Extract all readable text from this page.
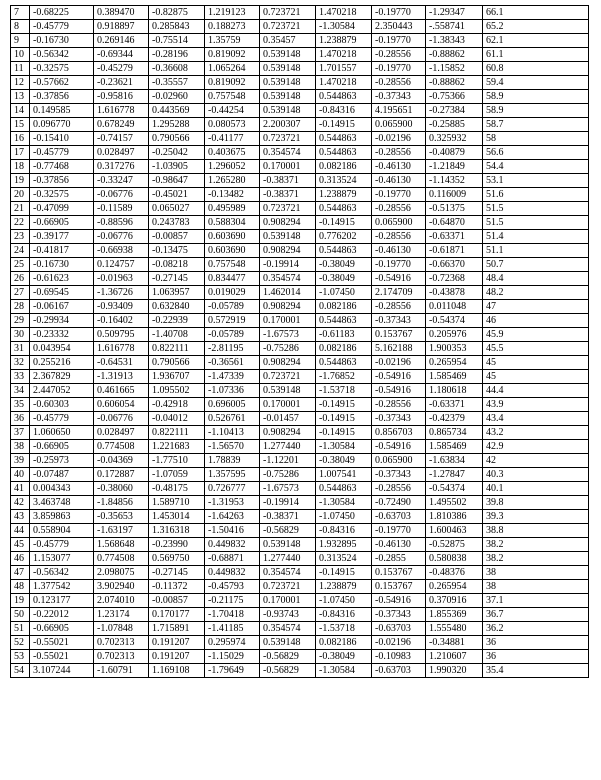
7	-0.68225	0.389470	-0.82875	1.219123	0.723721	1.470218	-0.19770	-1.29347	66.1
8	-0.45779	0.918897	0.285843	0.188273	0.723721	-1.30584	2.350443	-.558741	65.2
9	-0.16730	0.269146	-0.75514	1.35759	0.35457	1.238879	-0.19770	-1.38343	62.1
10	-0.56342	-0.69344	-0.28196	0.819092	0.539148	1.470218	-0.28556	-0.88862	61.1
11	-0.32575	-0.45279	-0.36608	1.065264	0.539148	1.701557	-0.19770	-1.15852	60.8
12	-0.57662	-0.23621	-0.35557	0.819092	0.539148	1.470218	-0.28556	-0.88862	59.4
13	-0.37856	-0.95816	-0.02960	0.757548	0.539148	0.544863	-0.37343	-0.75366	58.9
14	0.149585	1.616778	0.443569	-0.44254	0.539148	-0.84316	4.195651	-0.27384	58.9
15	0.096770	0.678249	1.295288	0.080573	2.200307	-0.14915	0.065900	-0.25885	58.7
16	-0.15410	-0.74157	0.790566	-0.41177	0.723721	0.544863	-0.02196	0.325932	58
17	-0.45779	0.028497	-0.25042	0.403675	0.354574	0.544863	-0.28556	-0.40879	56.6
18	-0.77468	0.317276	-1.03905	1.296052	0.170001	0.082186	-0.46130	-1.21849	54.4
19	-0.37856	-0.33247	-0.98647	1.265280	-0.38371	0.313524	-0.46130	-1.14352	53.1
20	-0.32575	-0.06776	-0.45021	-0.13482	-0.38371	1.238879	-0.19770	0.116009	51.6
21	-0.47099	-0.11589	0.065027	0.495989	0.723721	0.544863	-0.28556	-0.51375	51.5
22	-0.66905	-0.88596	0.243783	0.588304	0.908294	-0.14915	0.065900	-0.64870	51.5
23	-0.39177	-0.06776	-0.00857	0.603690	0.539148	0.776202	-0.28556	-0.63371	51.4
24	-0.41817	-0.66938	-0.13475	0.603690	0.908294	0.544863	-0.46130	-0.61871	51.1
25	-0.16730	0.124757	-0.08218	0.757548	-0.19914	-0.38049	-0.19770	-0.66370	50.7
26	-0.61623	-0.01963	-0.27145	0.834477	0.354574	-0.38049	-0.54916	-0.72368	48.4
27	-0.69545	-1.36726	1.063957	0.019029	1.462014	-1.07450	2.174709	-0.43878	48.2
28	-0.06167	-0.93409	0.632840	-0.05789	0.908294	0.082186	-0.28556	0.011048	47
29	-0.29934	-0.16402	-0.22939	0.572919	0.170001	0.544863	-0.37343	-0.54374	46
30	-0.23332	0.509795	-1.40708	-0.05789	-1.67573	-0.61183	0.153767	0.205976	45.9
31	0.043954	1.616778	0.822111	-2.81195	-0.75286	0.082186	5.162188	1.900353	45.5
32	0.255216	-0.64531	0.790566	-0.36561	0.908294	0.544863	-0.02196	0.265954	45
33	2.367829	-1.31913	1.936707	-1.47339	0.723721	-1.76852	-0.54916	1.585469	45
34	2.447052	0.461665	1.095502	-1.07336	0.539148	-1.53718	-0.54916	1.180618	44.4
35	-0.60303	0.606054	-0.42918	0.696005	0.170001	-0.14915	-0.28556	-0.63371	43.9
36	-0.45779	-0.06776	-0.04012	0.526761	-0.01457	-0.14915	-0.37343	-0.42379	43.4
37	1.060650	0.028497	0.822111	-1.10413	0.908294	-0.14915	0.856703	0.865734	43.2
38	-0.66905	0.774508	1.221683	-1.56570	1.277440	-1.30584	-0.54916	1.585469	42.9
39	-0.25973	-0.04369	-1.77510	1.78839	-1.12201	-0.38049	0.065900	-1.63834	42
40	-0.07487	0.172887	-1.07059	1.357595	-0.75286	1.007541	-0.37343	-1.27847	40.3
41	0.004343	-0.38060	-0.48175	0.726777	-1.67573	0.544863	-0.28556	-0.54374	40.1
42	3.463748	-1.84856	1.589710	-1.31953	-0.19914	-1.30584	-0.72490	1.495502	39.8
43	3.859863	-0.35653	1.453014	-1.64263	-0.38371	-1.07450	-0.63703	1.810386	39.3
44	0.558904	-1.63197	1.316318	-1.50416	-0.56829	-0.84316	-0.19770	1.600463	38.8
45	-0.45779	1.568648	-0.23990	0.449832	0.539148	1.932895	-0.46130	-0.52875	38.2
46	1.153077	0.774508	0.569750	-0.68871	1.277440	0.313524	-0.2855	0.580838	38.2
47	-0.56342	2.098075	-0.27145	0.449832	0.354574	-0.14915	0.153767	-0.48376	38
48	1.377542	3.902940	-0.11372	-0.45793	0.723721	1.238879	0.153767	0.265954	38
19	0.123177	2.074010	-0.00857	-0.21175	0.170001	-1.07450	-0.54916	0.370916	37.1
50	-0.22012	1.23174	0.170177	-1.70418	-0.93743	-0.84316	-0.37343	1.855369	36.7
51	-0.66905	-1.07848	1.715891	-1.41185	0.354574	-1.53718	-0.63703	1.555480	36.2
52	-0.55021	0.702313	0.191207	0.295974	0.539148	0.082186	-0.02196	-0.34881	36
53	-0.55021	0.702313	0.191207	-1.15029	-0.56829	-0.38049	-0.10983	1.210607	36
54	3.107244	-1.60791	1.169108	-1.79649	-0.56829	-1.30584	-0.63703	1.990320	35.4
